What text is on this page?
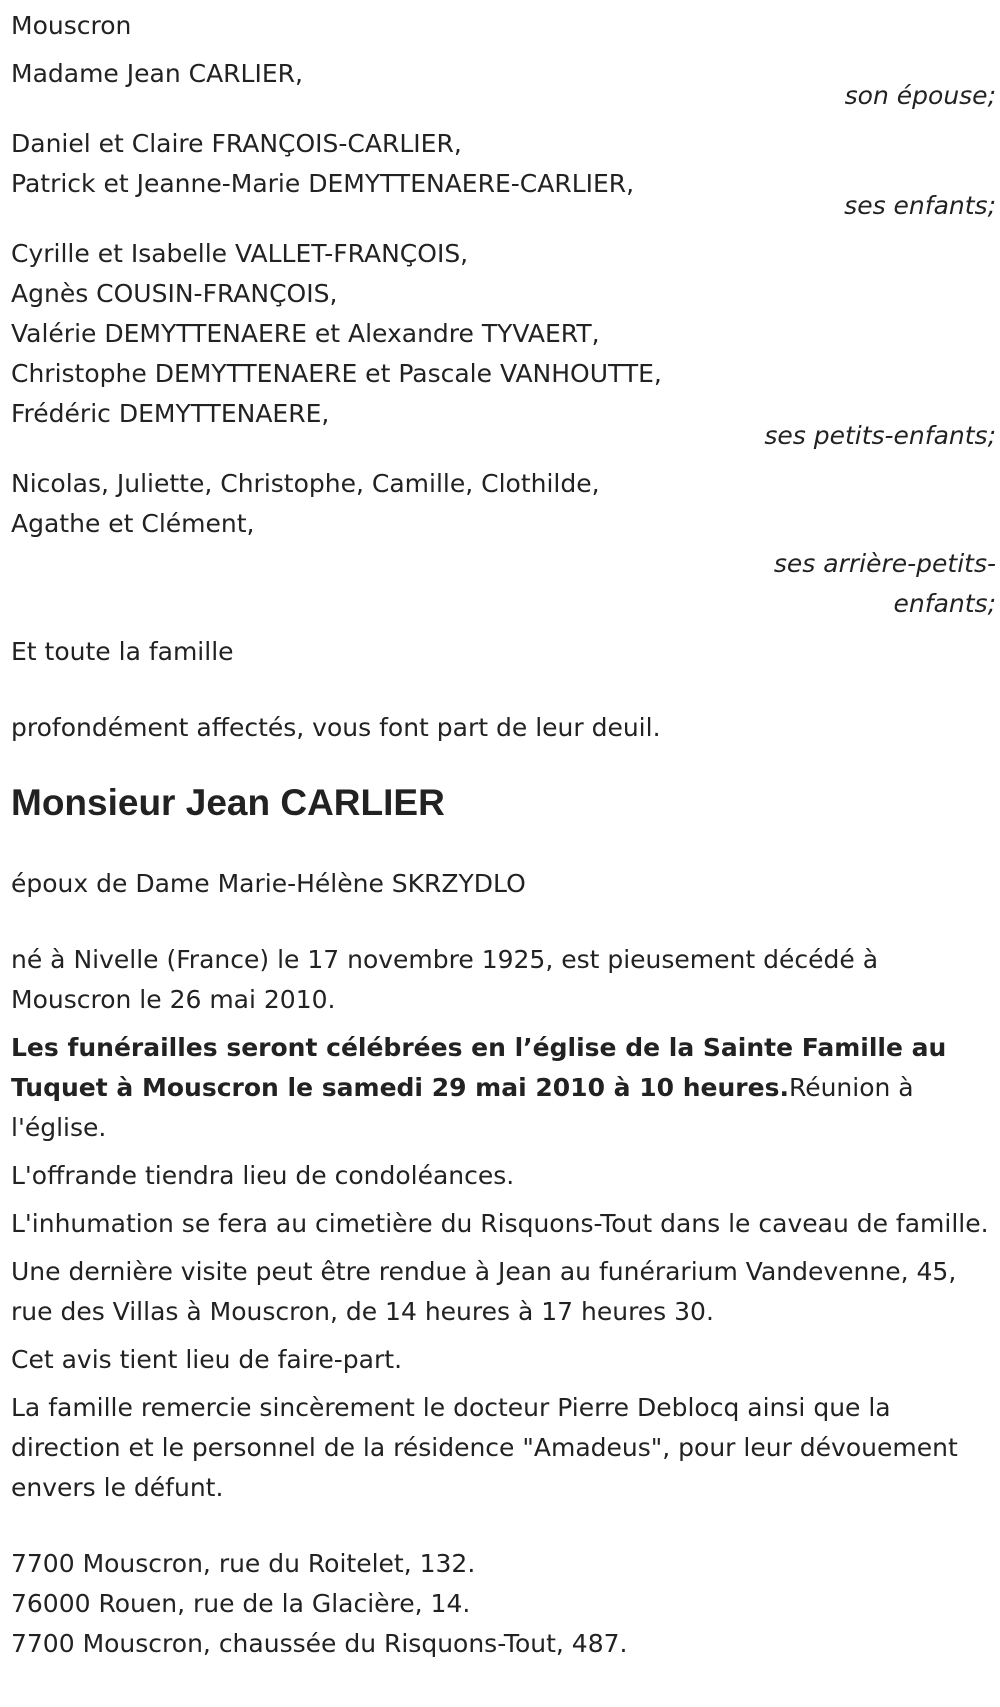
Mouscron
Madame Jean CARLIER,
son épouse;
Daniel et Claire FRANÇOIS-CARLIER,
Patrick et Jeanne-Marie DEMYTTENAERE-CARLIER,
ses enfants;
Cyrille et Isabelle VALLET-FRANÇOIS,
Agnès COUSIN-FRANÇOIS,
Valérie DEMYTTENAERE et Alexandre TYVAERT,
Christophe DEMYTTENAERE et Pascale VANHOUTTE,
Frédéric DEMYTTENAERE,
ses petits-enfants;
Nicolas, Juliette, Christophe, Camille, Clothilde,
Agathe et Clément,
ses arrière-petits-
enfants;
Et toute la famille
profondément affectés, vous font part de leur deuil.
Monsieur Jean CARLIER
époux de Dame Marie-Hélène SKRZYDLO

né à Nivelle (France) le 17 novembre 1925, est pieusement décédé à Mouscron le 26 mai 2010.

Les funérailles seront célébrées en l’église de la Sainte Famille au Tuquet à Mouscron le samedi 29 mai 2010 à 10 heures.Réunion à l'église.

L'offrande tiendra lieu de condoléances.

L'inhumation se fera au cimetière du Risquons-Tout dans le caveau de famille.

Une dernière visite peut être rendue à Jean au funérarium Vandevenne, 45, rue des Villas à Mouscron, de 14 heures à 17 heures 30.

Cet avis tient lieu de faire-part.

La famille remercie sincèrement le docteur Pierre Deblocq ainsi que la direction et le personnel de la résidence "Amadeus", pour leur dévouement envers le défunt.

7700 Mouscron, rue du Roitelet, 132.
76000 Rouen, rue de la Glacière, 14.
7700 Mouscron, chaussée du Risquons-Tout, 487.
